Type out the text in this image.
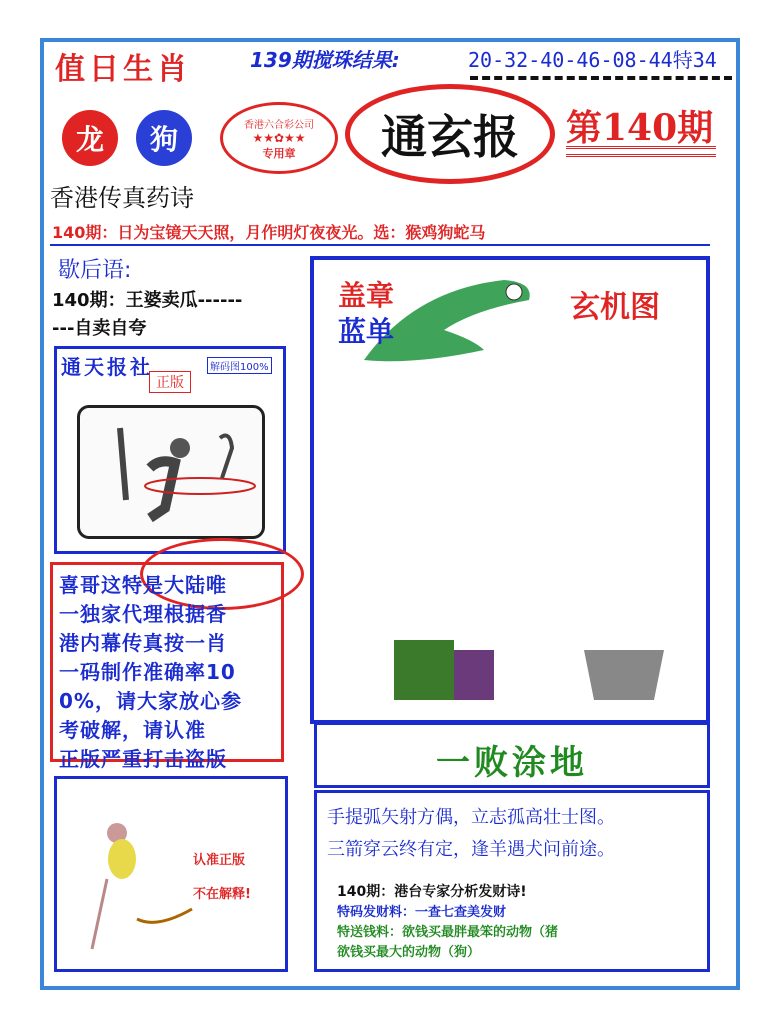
值日生肖	139期搅珠结果:	20-32-40-46-08-44特34
龙	狗	香港六合彩公司
★★✿★★
专用章 通玄报 第140期
香港传真药诗
140期：日为宝镜天天照，月作明灯夜夜光。选：猴鸡狗蛇马
歇后语:
140期：王婆卖瓜------
---自卖自夸
通天报社	解码图100%
正版
喜哥这特是大陆唯
一独家代理根据香
港内幕传真按一肖
一码制作准确率10
0%，请大家放心参
考破解，请认准
正版严重打击盗版
认准正版
不在解释!
盖章
蓝单
玄机图
一败涂地
手提弧矢射方偶，立志孤高壮士图。
三箭穿云终有定，逢羊遇犬问前途。
140期：港台专家分析发财诗!
特码发财料：一查七查美发财
特送钱料：欲钱买最胖最笨的动物（猪
欲钱买最大的动物（狗）
